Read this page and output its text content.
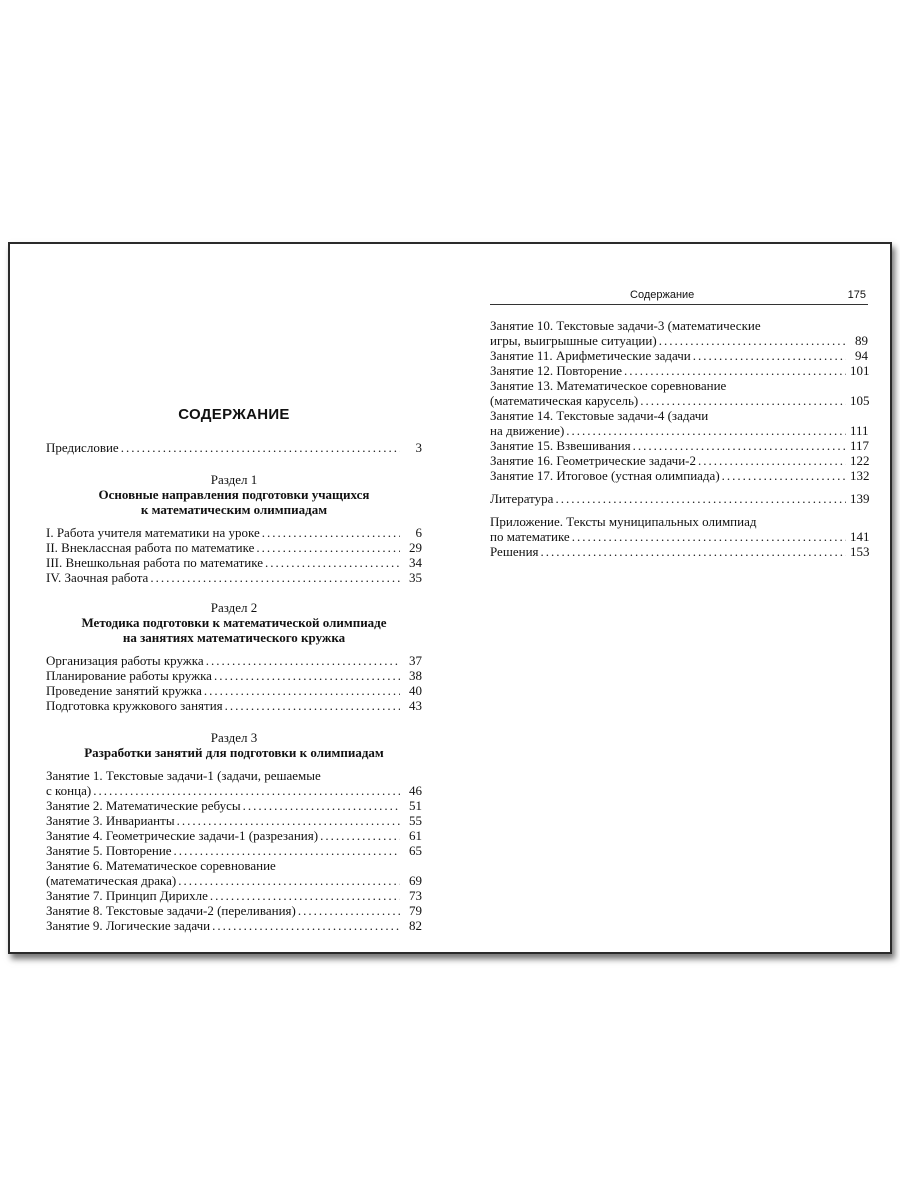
СОДЕРЖАНИЕ
Предисловие .....	3
Раздел 1
Основные направления подготовки учащихся
к математическим олимпиадам
I. Работа учителя математики на уроке .....	6
II. Внеклассная работа по математике .....	29
III. Внешкольная работа по математике .....	34
IV. Заочная работа .....	35
Раздел 2
Методика подготовки к математической олимпиаде
на занятиях математического кружка
Организация работы кружка .....	37
Планирование работы кружка .....	38
Проведение занятий кружка .....	40
Подготовка кружкового занятия .....	43
Раздел 3
Разработки занятий для подготовки к олимпиадам
Занятие 1. Текстовые задачи-1 (задачи, решаемые
с конца) .....	46
Занятие 2. Математические ребусы .....	51
Занятие 3. Инварианты .....	55
Занятие 4. Геометрические задачи-1 (разрезания) .....	61
Занятие 5. Повторение .....	65
Занятие 6. Математическое соревнование
(математическая драка) .....	69
Занятие 7. Принцип Дирихле .....	73
Занятие 8. Текстовые задачи-2 (переливания) .....	79
Занятие 9. Логические задачи .....	82
Содержание	175
Занятие 10. Текстовые задачи-3 (математические
игры, выигрышные ситуации) .....	89
Занятие 11. Арифметические задачи .....	94
Занятие 12. Повторение .....	101
Занятие 13. Математическое соревнование
(математическая карусель) .....	105
Занятие 14. Текстовые задачи-4 (задачи
на движение) .....	111
Занятие 15. Взвешивания .....	117
Занятие 16. Геометрические задачи-2 .....	122
Занятие 17. Итоговое (устная олимпиада) .....	132
Литература .....	139
Приложение. Тексты муниципальных олимпиад
по математике .....	141
Решения .....	153
